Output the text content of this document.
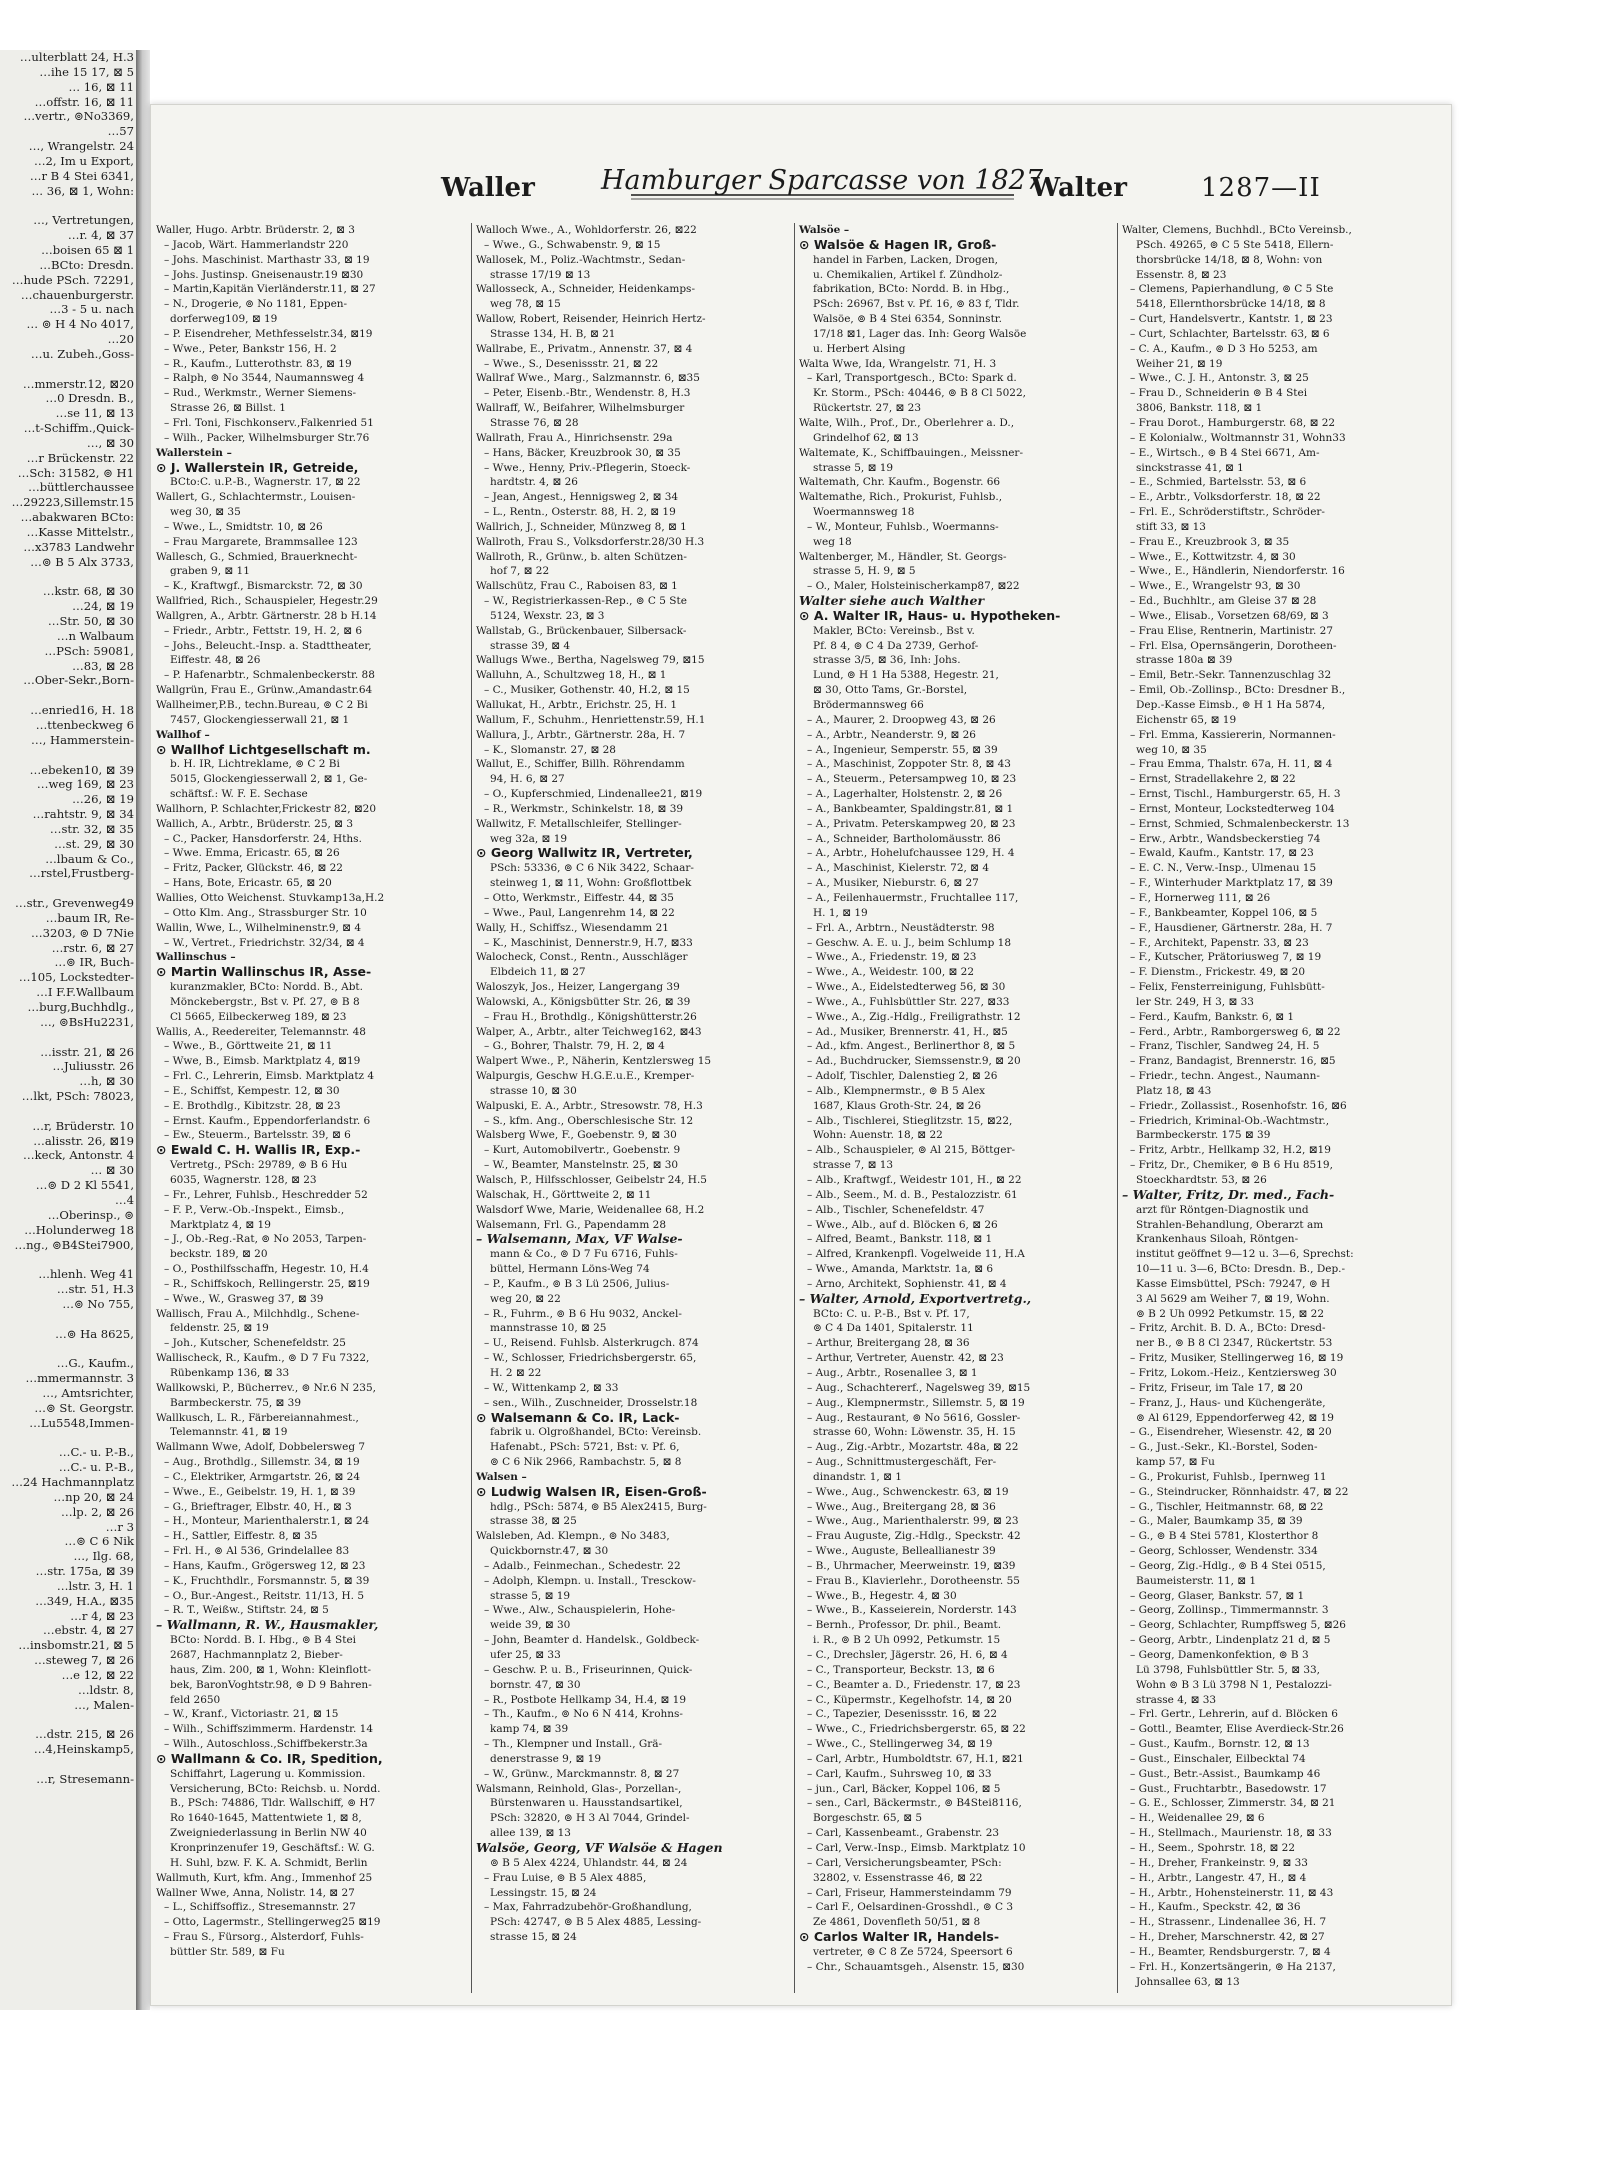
…ulterblatt 24, H.3
…ihe 15 17, ⊠ 5
… 16, ⊠ 11
…offstr. 16, ⊠ 11
…vertr., ⊚No3369,
…57
…, Wrangelstr. 24
…2, Im u Export,
…r B 4 Stei 6341,
… 36, ⊠ 1, Wohn:

…, Vertretungen,
…r. 4, ⊠ 37
…boisen 65 ⊠ 1
…BCto: Dresdn.
…hude PSch. 72291,
…chauenburgerstr.
…3 - 5 u. nach
… ⊚ H 4 No 4017,
…20
…u. Zubeh.,Goss-

…mmerstr.12, ⊠20
…0 Dresdn. B.,
…se 11, ⊠ 13
…t-Schiffm.,Quick-
…, ⊠ 30
…r Brückenstr. 22
…Sch: 31582, ⊚ H1
…büttlerchaussee
…29223,Sillemstr.15
…abakwaren BCto:
…Kasse Mittelstr.,
…x3783 Landwehr
…⊚ B 5 Alx 3733,

…kstr. 68, ⊠ 30
…24, ⊠ 19
…Str. 50, ⊠ 30
…n Walbaum
…PSch: 59081,
…83, ⊠ 28
…Ober-Sekr.,Born-

…enried16, H. 18
…ttenbeckweg 6
…, Hammerstein-

…ebeken10, ⊠ 39
…weg 169, ⊠ 23
…26, ⊠ 19
…rahtstr. 9, ⊠ 34
…str. 32, ⊠ 35
…st. 29, ⊠ 30
…lbaum & Co.,
…rstel,Frustberg-

…str., Grevenweg49
…baum IR, Re-
…3203, ⊚ D 7Nie
…rstr. 6, ⊠ 27
…⊚ IR, Buch-
…105, Lockstedter-
…I F.F.Wallbaum
…burg,Buchhdlg.,
…, ⊚BsHu2231,

…isstr. 21, ⊠ 26
…Juliusstr. 26
…h, ⊠ 30
…lkt, PSch: 78023,

…r, Brüderstr. 10
…alisstr. 26, ⊠19
…keck, Antonstr. 4
… ⊠ 30
…⊚ D 2 Kl 5541,
…4
…Oberinsp., ⊚
…Holunderweg 18
…ng., ⊚B4Stei7900,

…hlenh. Weg 41
…str. 51, H.3
…⊚ No 755,

…⊚ Ha 8625,

…G., Kaufm.,
…mmermannstr. 3
…, Amtsrichter,
…⊚ St. Georgstr.
…Lu5548,Immen-

…C.- u. P.-B.,
…C.- u. P.-B.,
…24 Hachmannplatz
…np 20, ⊠ 24
…lp. 2, ⊠ 26
…r 3
…⊚ C 6 Nik
…, Ilg. 68,
…str. 175a, ⊠ 39
…lstr. 3, H. 1
…349, H.A., ⊠35
…r 4, ⊠ 23
…ebstr. 4, ⊠ 27
…insbomstr.21, ⊠ 5
…steweg 7, ⊠ 26
…e 12, ⊠ 22
…ldstr. 8,
…, Malen-

…dstr. 215, ⊠ 26
…4,Heinskamp5,

…r, Stresemann-
Waller Hamburger Sparcasse von 1827
Walter	1287—II
Waller, Hugo. Arbtr. Brüderstr. 2, ⊠ 3
– Jacob, Wärt. Hammerlandstr 220
– Johs. Maschinist. Marthastr 33, ⊠ 19
– Johs. Justinsp. Gneisenaustr.19 ⊠30
– Martin,Kapitän Vierländerstr.11, ⊠ 27
– N., Drogerie, ⊚ No 1181, Eppen-
dorferweg109, ⊠ 19
– P. Eisendreher, Methfesselstr.34, ⊠19
– Wwe., Peter, Bankstr 156, H. 2
– R., Kaufm., Lutterothstr. 83, ⊠ 19
– Ralph, ⊚ No 3544, Naumannsweg 4
– Rud., Werkmstr., Werner Siemens-
Strasse 26, ⊠ Billst. 1
– Frl. Toni, Fischkonserv.,Falkenried 51
– Wilh., Packer, Wilhelmsburger Str.76
Wallerstein –
⊙ J. Wallerstein IR, Getreide,
BCto:C. u.P.-B., Wagnerstr. 17, ⊠ 22
Wallert, G., Schlachtermstr., Louisen-
weg 30, ⊠ 35
– Wwe., L., Smidtstr. 10, ⊠ 26
– Frau Margarete, Brammsallee 123
Wallesch, G., Schmied, Brauerknecht-
graben 9, ⊠ 11
– K., Kraftwgf., Bismarckstr. 72, ⊠ 30
Wallfried, Rich., Schauspieler, Hegestr.29
Wallgren, A., Arbtr. Gärtnerstr. 28 b H.14
– Friedr., Arbtr., Fettstr. 19, H. 2, ⊠ 6
– Johs., Beleucht.-Insp. a. Stadttheater,
Eiffestr. 48, ⊠ 26
– P. Hafenarbtr., Schmalenbeckerstr. 88
Wallgrün, Frau E., Grünw.,Amandastr.64
Wallheimer,P.B., techn.Bureau, ⊚ C 2 Bi
7457, Glockengiesserwall 21, ⊠ 1
Wallhof –
⊙ Wallhof Lichtgesellschaft m.
b. H. IR, Lichtreklame, ⊚ C 2 Bi
5015, Glockengiesserwall 2, ⊠ 1, Ge-
schäftsf.: W. F. E. Sechase
Wallhorn, P. Schlachter,Frickestr 82, ⊠20
Wallich, A., Arbtr., Brüderstr. 25, ⊠ 3
– C., Packer, Hansdorferstr. 24, Hths.
– Wwe. Emma, Ericastr. 65, ⊠ 26
– Fritz, Packer, Glückstr. 46, ⊠ 22
– Hans, Bote, Ericastr. 65, ⊠ 20
Wallies, Otto Weichenst. Stuvkamp13a,H.2
– Otto Klm. Ang., Strassburger Str. 10
Wallin, Wwe, L., Wilhelminenstr.9, ⊠ 4
– W., Vertret., Friedrichstr. 32/34, ⊠ 4
Wallinschus –
⊙ Martin Wallinschus IR, Asse-
kuranzmakler, BCto: Nordd. B., Abt.
Mönckebergstr., Bst v. Pf. 27, ⊚ B 8
Cl 5665, Eilbeckerweg 189, ⊠ 23
Wallis, A., Reedereiter, Telemannstr. 48
– Wwe., B., Görttweite 21, ⊠ 11
– Wwe, B., Eimsb. Marktplatz 4, ⊠19
– Frl. C., Lehrerin, Eimsb. Marktplatz 4
– E., Schiffst, Kempestr. 12, ⊠ 30
– E. Brothdlg., Kibitzstr. 28, ⊠ 23
– Ernst. Kaufm., Eppendorferlandstr. 6
– Ew., Steuerm., Bartelsstr. 39, ⊠ 6
⊙ Ewald C. H. Wallis IR, Exp.-
Vertretg., PSch: 29789, ⊚ B 6 Hu
6035, Wagnerstr. 128, ⊠ 23
– Fr., Lehrer, Fuhlsb., Heschredder 52
– F. P., Verw.-Ob.-Inspekt., Eimsb.,
Marktplatz 4, ⊠ 19
– J., Ob.-Reg.-Rat, ⊚ No 2053, Tarpen-
beckstr. 189, ⊠ 20
– O., Posthilfsschaffn, Hegestr. 10, H.4
– R., Schiffskoch, Rellingerstr. 25, ⊠19
– Wwe., W., Grasweg 37, ⊠ 39
Wallisch, Frau A., Milchhdlg., Schene-
feldenstr. 25, ⊠ 19
– Joh., Kutscher, Schenefeldstr. 25
Wallischeck, R., Kaufm., ⊚ D 7 Fu 7322,
Rübenkamp 136, ⊠ 33
Wallkowski, P., Bücherrev., ⊚ Nr.6 N 235,
Barmbeckerstr. 75, ⊠ 39
Wallkusch, L. R., Färbereiannahmest.,
Telemannstr. 41, ⊠ 19
Wallmann Wwe, Adolf, Dobbelersweg 7
– Aug., Brothdlg., Sillemstr. 34, ⊠ 19
– C., Elektriker, Armgartstr. 26, ⊠ 24
– Wwe., E., Geibelstr. 19, H. 1, ⊠ 39
– G., Brieftrager, Elbstr. 40, H., ⊠ 3
– H., Monteur, Marienthalerstr.1, ⊠ 24
– H., Sattler, Eiffestr. 8, ⊠ 35
– Frl. H., ⊚ Al 536, Grindelallee 83
– Hans, Kaufm., Grögersweg 12, ⊠ 23
– K., Fruchthdlr., Forsmannstr. 5, ⊠ 39
– O., Bur.-Angest., Reitstr. 11/13, H. 5
– R. T., Weißw., Stiftstr. 24, ⊠ 5
– Wallmann, R. W., Hausmakler,
BCto: Nordd. B. I. Hbg., ⊚ B 4 Stei
2687, Hachmannplatz 2, Bieber-
haus, Zim. 200, ⊠ 1, Wohn: Kleinflott-
bek, BaronVoghtstr.98, ⊚ D 9 Bahren-
feld 2650
– W., Kranf., Victoriastr. 21, ⊠ 15
– Wilh., Schiffszimmerm. Hardenstr. 14
– Wilh., Autoschloss.,Schiffbekerstr.3a
⊙ Wallmann & Co. IR, Spedition,
Schiffahrt, Lagerung u. Kommission.
Versicherung, BCto: Reichsb. u. Nordd.
B., PSch: 74886, Tldr. Wallschiff, ⊚ H7
Ro 1640-1645, Mattentwiete 1, ⊠ 8,
Zweigniederlassung in Berlin NW 40
Kronprinzenufer 19, Geschäftsf.: W. G.
H. Suhl, bzw. F. K. A. Schmidt, Berlin
Wallmuth, Kurt, kfm. Ang., Immenhof 25
Wallner Wwe, Anna, Nolistr. 14, ⊠ 27
– L., Schiffsoffiz., Stresemannstr. 27
– Otto, Lagermstr., Stellingerweg25 ⊠19
– Frau S., Fürsorg., Alsterdorf, Fuhls-
büttler Str. 589, ⊠ Fu
Walloch Wwe., A., Wohldorferstr. 26, ⊠22
– Wwe., G., Schwabenstr. 9, ⊠ 15
Wallosek, M., Poliz.-Wachtmstr., Sedan-
strasse 17/19 ⊠ 13
Wallosseck, A., Schneider, Heidenkamps-
weg 78, ⊠ 15
Wallow, Robert, Reisender, Heinrich Hertz-
Strasse 134, H. B, ⊠ 21
Wallrabe, E., Privatm., Annenstr. 37, ⊠ 4
– Wwe., S., Desenissstr. 21, ⊠ 22
Wallraf Wwe., Marg., Salzmannstr. 6, ⊠35
– Peter, Eisenb.-Btr., Wendenstr. 8, H.3
Wallraff, W., Beifahrer, Wilhelmsburger
Strasse 76, ⊠ 28
Wallrath, Frau A., Hinrichsenstr. 29a
– Hans, Bäcker, Kreuzbrook 30, ⊠ 35
– Wwe., Henny, Priv.-Pflegerin, Stoeck-
hardtstr. 4, ⊠ 26
– Jean, Angest., Hennigsweg 2, ⊠ 34
– L., Rentn., Osterstr. 88, H. 2, ⊠ 19
Wallrich, J., Schneider, Münzweg 8, ⊠ 1
Wallroth, Frau S., Volksdorferstr.28/30 H.3
Wallroth, R., Grünw., b. alten Schützen-
hof 7, ⊠ 22
Wallschütz, Frau C., Raboisen 83, ⊠ 1
– W., Registrierkassen-Rep., ⊚ C 5 Ste
5124, Wexstr. 23, ⊠ 3
Wallstab, G., Brückenbauer, Silbersack-
strasse 39, ⊠ 4
Wallugs Wwe., Bertha, Nagelsweg 79, ⊠15
Walluhn, A., Schultzweg 18, H., ⊠ 1
– C., Musiker, Gothenstr. 40, H.2, ⊠ 15
Wallukat, H., Arbtr., Erichstr. 25, H. 1
Wallum, F., Schuhm., Henriettenstr.59, H.1
Wallura, J., Arbtr., Gärtnerstr. 28a, H. 7
– K., Slomanstr. 27, ⊠ 28
Wallut, E., Schiffer, Billh. Röhrendamm
94, H. 6, ⊠ 27
– O., Kupferschmied, Lindenallee21, ⊠19
– R., Werkmstr., Schinkelstr. 18, ⊠ 39
Wallwitz, F. Metallschleifer, Stellinger-
weg 32a, ⊠ 19
⊙ Georg Wallwitz IR, Vertreter,
PSch: 53336, ⊚ C 6 Nik 3422, Schaar-
steinweg 1, ⊠ 11, Wohn: Großflottbek
– Otto, Werkmstr., Eiffestr. 44, ⊠ 35
– Wwe., Paul, Langenrehm 14, ⊠ 22
Wally, H., Schiffsz., Wiesendamm 21
– K., Maschinist, Dennerstr.9, H.7, ⊠33
Walocheck, Const., Rentn., Ausschläger
Elbdeich 11, ⊠ 27
Waloszyk, Jos., Heizer, Langergang 39
Walowski, A., Königsbütter Str. 26, ⊠ 39
– Frau H., Brothdlg., Königshütterstr.26
Walper, A., Arbtr., alter Teichweg162, ⊠43
– G., Bohrer, Thalstr. 79, H. 2, ⊠ 4
Walpert Wwe., P., Näherin, Kentzlersweg 15
Walpurgis, Geschw H.G.E.u.E., Kremper-
strasse 10, ⊠ 30
Walpuski, E. A., Arbtr., Stresowstr. 78, H.3
– S., kfm. Ang., Oberschlesische Str. 12
Walsberg Wwe, F., Goebenstr. 9, ⊠ 30
– Kurt, Automobilvertr., Goebenstr. 9
– W., Beamter, Manstelnstr. 25, ⊠ 30
Walsch, P., Hilfsschlosser, Geibelstr 24, H.5
Walschak, H., Görttweite 2, ⊠ 11
Walsdorf Wwe, Marie, Weidenallee 68, H.2
Walsemann, Frl. G., Papendamm 28
– Walsemann, Max, VF Walse-
mann & Co., ⊚ D 7 Fu 6716, Fuhls-
büttel, Hermann Löns-Weg 74
– P., Kaufm., ⊚ B 3 Lü 2506, Julius-
weg 20, ⊠ 22
– R., Fuhrm., ⊚ B 6 Hu 9032, Anckel-
mannstrasse 10, ⊠ 25
– U., Reisend. Fuhlsb. Alsterkrugch. 874
– W., Schlosser, Friedrichsbergerstr. 65,
H. 2 ⊠ 22
– W., Wittenkamp 2, ⊠ 33
– sen., Wilh., Zuschneider, Drosselstr.18
⊙ Walsemann & Co. IR, Lack-
fabrik u. Olgroßhandel, BCto: Vereinsb.
Hafenabt., PSch: 5721, Bst: v. Pf. 6,
⊚ C 6 Nik 2966, Rambachstr. 5, ⊠ 8
Walsen –
⊙ Ludwig Walsen IR, Eisen-Groß-
hdlg., PSch: 5874, ⊚ B5 Alex2415, Burg-
strasse 38, ⊠ 25
Walsleben, Ad. Klempn., ⊚ No 3483,
Quickbornstr.47, ⊠ 30
– Adalb., Feinmechan., Schedestr. 22
– Adolph, Klempn. u. Install., Tresckow-
strasse 5, ⊠ 19
– Wwe., Alw., Schauspielerin, Hohe-
weide 39, ⊠ 30
– John, Beamter d. Handelsk., Goldbeck-
ufer 25, ⊠ 33
– Geschw. P. u. B., Friseurinnen, Quick-
bornstr. 47, ⊠ 30
– R., Postbote Hellkamp 34, H.4, ⊠ 19
– Th., Kaufm., ⊚ No 6 N 414, Krohns-
kamp 74, ⊠ 39
– Th., Klempner und Install., Grä-
denerstrasse 9, ⊠ 19
– W., Grünw., Marckmannstr. 8, ⊠ 27
Walsmann, Reinhold, Glas-, Porzellan-,
Bürstenwaren u. Hausstandsartikel,
PSch: 32820, ⊚ H 3 Al 7044, Grindel-
allee 139, ⊠ 13
Walsöe, Georg, VF Walsöe & Hagen
⊚ B 5 Alex 4224, Uhlandstr. 44, ⊠ 24
– Frau Luise, ⊚ B 5 Alex 4885,
Lessingstr. 15, ⊠ 24
– Max, Fahrradzubehör-Großhandlung,
PSch: 42747, ⊚ B 5 Alex 4885, Lessing-
strasse 15, ⊠ 24
Walsöe –
⊙ Walsöe & Hagen IR, Groß-
handel in Farben, Lacken, Drogen,
u. Chemikalien, Artikel f. Zündholz-
fabrikation, BCto: Nordd. B. in Hbg.,
PSch: 26967, Bst v. Pf. 16, ⊚ 83 f, Tldr.
Walsöe, ⊚ B 4 Stei 6354, Sonninstr.
17/18 ⊠1, Lager das. Inh: Georg Walsöe
u. Herbert Alsing
Walta Wwe, Ida, Wrangelstr. 71, H. 3
– Karl, Transportgesch., BCto: Spark d.
Kr. Storm., PSch: 40446, ⊚ B 8 Cl 5022,
Rückertstr. 27, ⊠ 23
Walte, Wilh., Prof., Dr., Oberlehrer a. D.,
Grindelhof 62, ⊠ 13
Waltemate, K., Schiffbauingen., Meissner-
strasse 5, ⊠ 19
Waltemath, Chr. Kaufm., Bogenstr. 66
Waltemathe, Rich., Prokurist, Fuhlsb.,
Woermannsweg 18
– W., Monteur, Fuhlsb., Woermanns-
weg 18
Waltenberger, M., Händler, St. Georgs-
strasse 5, H. 9, ⊠ 5
– O., Maler, Holsteinischerkamp87, ⊠22
Walter siehe auch Walther
⊙ A. Walter IR, Haus- u. Hypotheken-
Makler, BCto: Vereinsb., Bst v.
Pf. 8 4, ⊚ C 4 Da 2739, Gerhof-
strasse 3/5, ⊠ 36, Inh: Johs.
Lund, ⊚ H 1 Ha 5388, Hegestr. 21,
⊠ 30, Otto Tams, Gr.-Borstel,
Brödermannsweg 66
– A., Maurer, 2. Droopweg 43, ⊠ 26
– A., Arbtr., Neanderstr. 9, ⊠ 26
– A., Ingenieur, Semperstr. 55, ⊠ 39
– A., Maschinist, Zoppoter Str. 8, ⊠ 43
– A., Steuerm., Petersampweg 10, ⊠ 23
– A., Lagerhalter, Holstenstr. 2, ⊠ 26
– A., Bankbeamter, Spaldingstr.81, ⊠ 1
– A., Privatm. Peterskampweg 20, ⊠ 23
– A., Schneider, Bartholomäusstr. 86
– A., Arbtr., Hohelufchaussee 129, H. 4
– A., Maschinist, Kielerstr. 72, ⊠ 4
– A., Musiker, Nieburstr. 6, ⊠ 27
– A., Feilenhauermstr., Fruchtallee 117,
H. 1, ⊠ 19
– Frl. A., Arbtrn., Neustädterstr. 98
– Geschw. A. E. u. J., beim Schlump 18
– Wwe., A., Friedenstr. 19, ⊠ 23
– Wwe., A., Weidestr. 100, ⊠ 22
– Wwe., A., Eidelstedterweg 56, ⊠ 30
– Wwe., A., Fuhlsbüttler Str. 227, ⊠33
– Wwe., A., Zig.-Hdlg., Freiligrathstr. 12
– Ad., Musiker, Brennerstr. 41, H., ⊠5
– Ad., kfm. Angest., Berlinerthor 8, ⊠ 5
– Ad., Buchdrucker, Siemssenstr.9, ⊠ 20
– Adolf, Tischler, Dalenstieg 2, ⊠ 26
– Alb., Klempnermstr., ⊚ B 5 Alex
1687, Klaus Groth-Str. 24, ⊠ 26
– Alb., Tischlerei, Stieglitzstr. 15, ⊠22,
Wohn: Auenstr. 18, ⊠ 22
– Alb., Schauspieler, ⊚ Al 215, Böttger-
strasse 7, ⊠ 13
– Alb., Kraftwgf., Weidestr 101, H., ⊠ 22
– Alb., Seem., M. d. B., Pestalozzistr. 61
– Alb., Tischler, Schenefeldstr. 47
– Wwe., Alb., auf d. Blöcken 6, ⊠ 26
– Alfred, Beamt., Bankstr. 118, ⊠ 1
– Alfred, Krankenpfl. Vogelweide 11, H.A
– Wwe., Amanda, Marktstr. 1a, ⊠ 6
– Arno, Architekt, Sophienstr. 41, ⊠ 4
– Walter, Arnold, Exportvertretg.,
BCto: C. u. P.-B., Bst v. Pf. 17,
⊚ C 4 Da 1401, Spitalerstr. 11
– Arthur, Breitergang 28, ⊠ 36
– Arthur, Vertreter, Auenstr. 42, ⊠ 23
– Aug., Arbtr., Rosenallee 3, ⊠ 1
– Aug., Schachtererf., Nagelsweg 39, ⊠15
– Aug., Klempnermstr., Sillemstr. 5, ⊠ 19
– Aug., Restaurant, ⊚ No 5616, Gossler-
strasse 60, Wohn: Löwenstr. 35, H. 15
– Aug., Zig.-Arbtr., Mozartstr. 48a, ⊠ 22
– Aug., Schnittmustergeschäft, Fer-
dinandstr. 1, ⊠ 1
– Wwe., Aug., Schwenckestr. 63, ⊠ 19
– Wwe., Aug., Breitergang 28, ⊠ 36
– Wwe., Aug., Marienthalerstr. 99, ⊠ 23
– Frau Auguste, Zig.-Hdlg., Speckstr. 42
– Wwe., Auguste, Belleallianestr 39
– B., Uhrmacher, Meerweinstr. 19, ⊠39
– Frau B., Klavierlehr., Dorotheenstr. 55
– Wwe., B., Hegestr. 4, ⊠ 30
– Wwe., B., Kasseierein, Norderstr. 143
– Bernh., Professor, Dr. phil., Beamt.
i. R., ⊚ B 2 Uh 0992, Petkumstr. 15
– C., Drechsler, Jägerstr. 26, H. 6, ⊠ 4
– C., Transporteur, Beckstr. 13, ⊠ 6
– C., Beamter a. D., Friedenstr. 17, ⊠ 23
– C., Küpermstr., Kegelhofstr. 14, ⊠ 20
– C., Tapezier, Desenissstr. 16, ⊠ 22
– Wwe., C., Friedrichsbergerstr. 65, ⊠ 22
– Wwe., C., Stellingerweg 34, ⊠ 19
– Carl, Arbtr., Humboldtstr. 67, H.1, ⊠21
– Carl, Kaufm., Suhrsweg 10, ⊠ 33
– jun., Carl, Bäcker, Koppel 106, ⊠ 5
– sen., Carl, Bäckermstr., ⊚ B4Stei8116,
Borgeschstr. 65, ⊠ 5
– Carl, Kassenbeamt., Grabenstr. 23
– Carl, Verw.-Insp., Eimsb. Marktplatz 10
– Carl, Versicherungsbeamter, PSch:
32802, v. Essenstrasse 46, ⊠ 22
– Carl, Friseur, Hammersteindamm 79
– Carl F., Oelsardinen-Grosshdl., ⊚ C 3
Ze 4861, Dovenfleth 50/51, ⊠ 8
⊙ Carlos Walter IR, Handels-
vertreter, ⊚ C 8 Ze 5724, Speersort 6
– Chr., Schauamtsgeh., Alsenstr. 15, ⊠30
Walter, Clemens, Buchhdl., BCto Vereinsb.,
PSch. 49265, ⊚ C 5 Ste 5418, Ellern-
thorsbrücke 14/18, ⊠ 8, Wohn: von
Essenstr. 8, ⊠ 23
– Clemens, Papierhandlung, ⊚ C 5 Ste
5418, Ellernthorsbrücke 14/18, ⊠ 8
– Curt, Handelsvertr., Kantstr. 1, ⊠ 23
– Curt, Schlachter, Bartelsstr. 63, ⊠ 6
– C. A., Kaufm., ⊚ D 3 Ho 5253, am
Weiher 21, ⊠ 19
– Wwe., C. J. H., Antonstr. 3, ⊠ 25
– Frau D., Schneiderin ⊚ B 4 Stei
3806, Bankstr. 118, ⊠ 1
– Frau Dorot., Hamburgerstr. 68, ⊠ 22
– E Kolonialw., Woltmannstr 31, Wohn33
– E., Wirtsch., ⊚ B 4 Stei 6671, Am-
sinckstrasse 41, ⊠ 1
– E., Schmied, Bartelsstr. 53, ⊠ 6
– E., Arbtr., Volksdorferstr. 18, ⊠ 22
– Frl. E., Schröderstiftstr., Schröder-
stift 33, ⊠ 13
– Frau E., Kreuzbrook 3, ⊠ 35
– Wwe., E., Kottwitzstr. 4, ⊠ 30
– Wwe., E., Händlerin, Niendorferstr. 16
– Wwe., E., Wrangelstr 93, ⊠ 30
– Ed., Buchhltr., am Gleise 37 ⊠ 28
– Wwe., Elisab., Vorsetzen 68/69, ⊠ 3
– Frau Elise, Rentnerin, Martinistr. 27
– Frl. Elsa, Opernsängerin, Dorotheen-
strasse 180a ⊠ 39
– Emil, Betr.-Sekr. Tannenzuschlag 32
– Emil, Ob.-Zollinsp., BCto: Dresdner B.,
Dep.-Kasse Eimsb., ⊚ H 1 Ha 5874,
Eichenstr 65, ⊠ 19
– Frl. Emma, Kassiererin, Normannen-
weg 10, ⊠ 35
– Frau Emma, Thalstr. 67a, H. 11, ⊠ 4
– Ernst, Stradellakehre 2, ⊠ 22
– Ernst, Tischl., Hamburgerstr. 65, H. 3
– Ernst, Monteur, Lockstedterweg 104
– Ernst, Schmied, Schmalenbeckerstr. 13
– Erw., Arbtr., Wandsbeckerstieg 74
– Ewald, Kaufm., Kantstr. 17, ⊠ 23
– E. C. N., Verw.-Insp., Ulmenau 15
– F., Winterhuder Marktplatz 17, ⊠ 39
– F., Hornerweg 111, ⊠ 26
– F., Bankbeamter, Koppel 106, ⊠ 5
– F., Hausdiener, Gärtnerstr. 28a, H. 7
– F., Architekt, Papenstr. 33, ⊠ 23
– F., Kutscher, Prätoriusweg 7, ⊠ 19
– F. Dienstm., Frickestr. 49, ⊠ 20
– Felix, Fensterreinigung, Fuhlsbütt-
ler Str. 249, H 3, ⊠ 33
– Ferd., Kaufm, Bankstr. 6, ⊠ 1
– Ferd., Arbtr., Ramborgersweg 6, ⊠ 22
– Franz, Tischler, Sandweg 24, H. 5
– Franz, Bandagist, Brennerstr. 16, ⊠5
– Friedr., techn. Angest., Naumann-
Platz 18, ⊠ 43
– Friedr., Zollassist., Rosenhofstr. 16, ⊠6
– Friedrich, Kriminal-Ob.-Wachtmstr.,
Barmbeckerstr. 175 ⊠ 39
– Fritz, Arbtr., Hellkamp 32, H.2, ⊠19
– Fritz, Dr., Chemiker, ⊚ B 6 Hu 8519,
Stoeckhardtstr. 53, ⊠ 26
– Walter, Fritz, Dr. med., Fach-
arzt für Röntgen-Diagnostik und
Strahlen-Behandlung, Oberarzt am
Krankenhaus Siloah, Röntgen-
institut geöffnet 9—12 u. 3—6, Sprechst:
10—11 u. 3—6, BCto: Dresdn. B., Dep.-
Kasse Eimsbüttel, PSch: 79247, ⊚ H
3 Al 5629 am Weiher 7, ⊠ 19, Wohn.
⊚ B 2 Uh 0992 Petkumstr. 15, ⊠ 22
– Fritz, Archit. B. D. A., BCto: Dresd-
ner B., ⊚ B 8 Cl 2347, Rückertstr. 53
– Fritz, Musiker, Stellingerweg 16, ⊠ 19
– Fritz, Lokom.-Heiz., Kentziersweg 30
– Fritz, Friseur, im Tale 17, ⊠ 20
– Franz, J., Haus- und Küchengeräte,
⊚ Al 6129, Eppendorferweg 42, ⊠ 19
– G., Eisendreher, Wiesenstr. 42, ⊠ 20
– G., Just.-Sekr., Kl.-Borstel, Soden-
kamp 57, ⊠ Fu
– G., Prokurist, Fuhlsb., Ipernweg 11
– G., Steindrucker, Rönnhaidstr. 47, ⊠ 22
– G., Tischler, Heitmannstr. 68, ⊠ 22
– G., Maler, Baumkamp 35, ⊠ 39
– G., ⊚ B 4 Stei 5781, Klosterthor 8
– Georg, Schlosser, Wendenstr. 334
– Georg, Zig.-Hdlg., ⊚ B 4 Stei 0515,
Baumeisterstr. 11, ⊠ 1
– Georg, Glaser, Bankstr. 57, ⊠ 1
– Georg, Zollinsp., Timmermannstr. 3
– Georg, Schlachter, Rumpffsweg 5, ⊠26
– Georg, Arbtr., Lindenplatz 21 d, ⊠ 5
– Georg, Damenkonfektion, ⊚ B 3
Lü 3798, Fuhlsbüttler Str. 5, ⊠ 33,
Wohn ⊚ B 3 Lü 3798 N 1, Pestalozzi-
strasse 4, ⊠ 33
– Frl. Gertr., Lehrerin, auf d. Blöcken 6
– Gottl., Beamter, Elise Averdieck-Str.26
– Gust., Kaufm., Bornstr. 12, ⊠ 13
– Gust., Einschaler, Eilbecktal 74
– Gust., Betr.-Assist., Baumkamp 46
– Gust., Fruchtarbtr., Basedowstr. 17
– G. E., Schlosser, Zimmerstr. 34, ⊠ 21
– H., Weidenallee 29, ⊠ 6
– H., Stellmach., Maurienstr. 18, ⊠ 33
– H., Seem., Spohrstr. 18, ⊠ 22
– H., Dreher, Frankeinstr. 9, ⊠ 33
– H., Arbtr., Langestr. 47, H., ⊠ 4
– H., Arbtr., Hohensteinerstr. 11, ⊠ 43
– H., Kaufm., Speckstr. 42, ⊠ 36
– H., Strassenr., Lindenallee 36, H. 7
– H., Dreher, Marschnerstr. 42, ⊠ 27
– H., Beamter, Rendsburgerstr. 7, ⊠ 4
– Frl. H., Konzertsängerin, ⊚ Ha 2137,
Johnsallee 63, ⊠ 13
